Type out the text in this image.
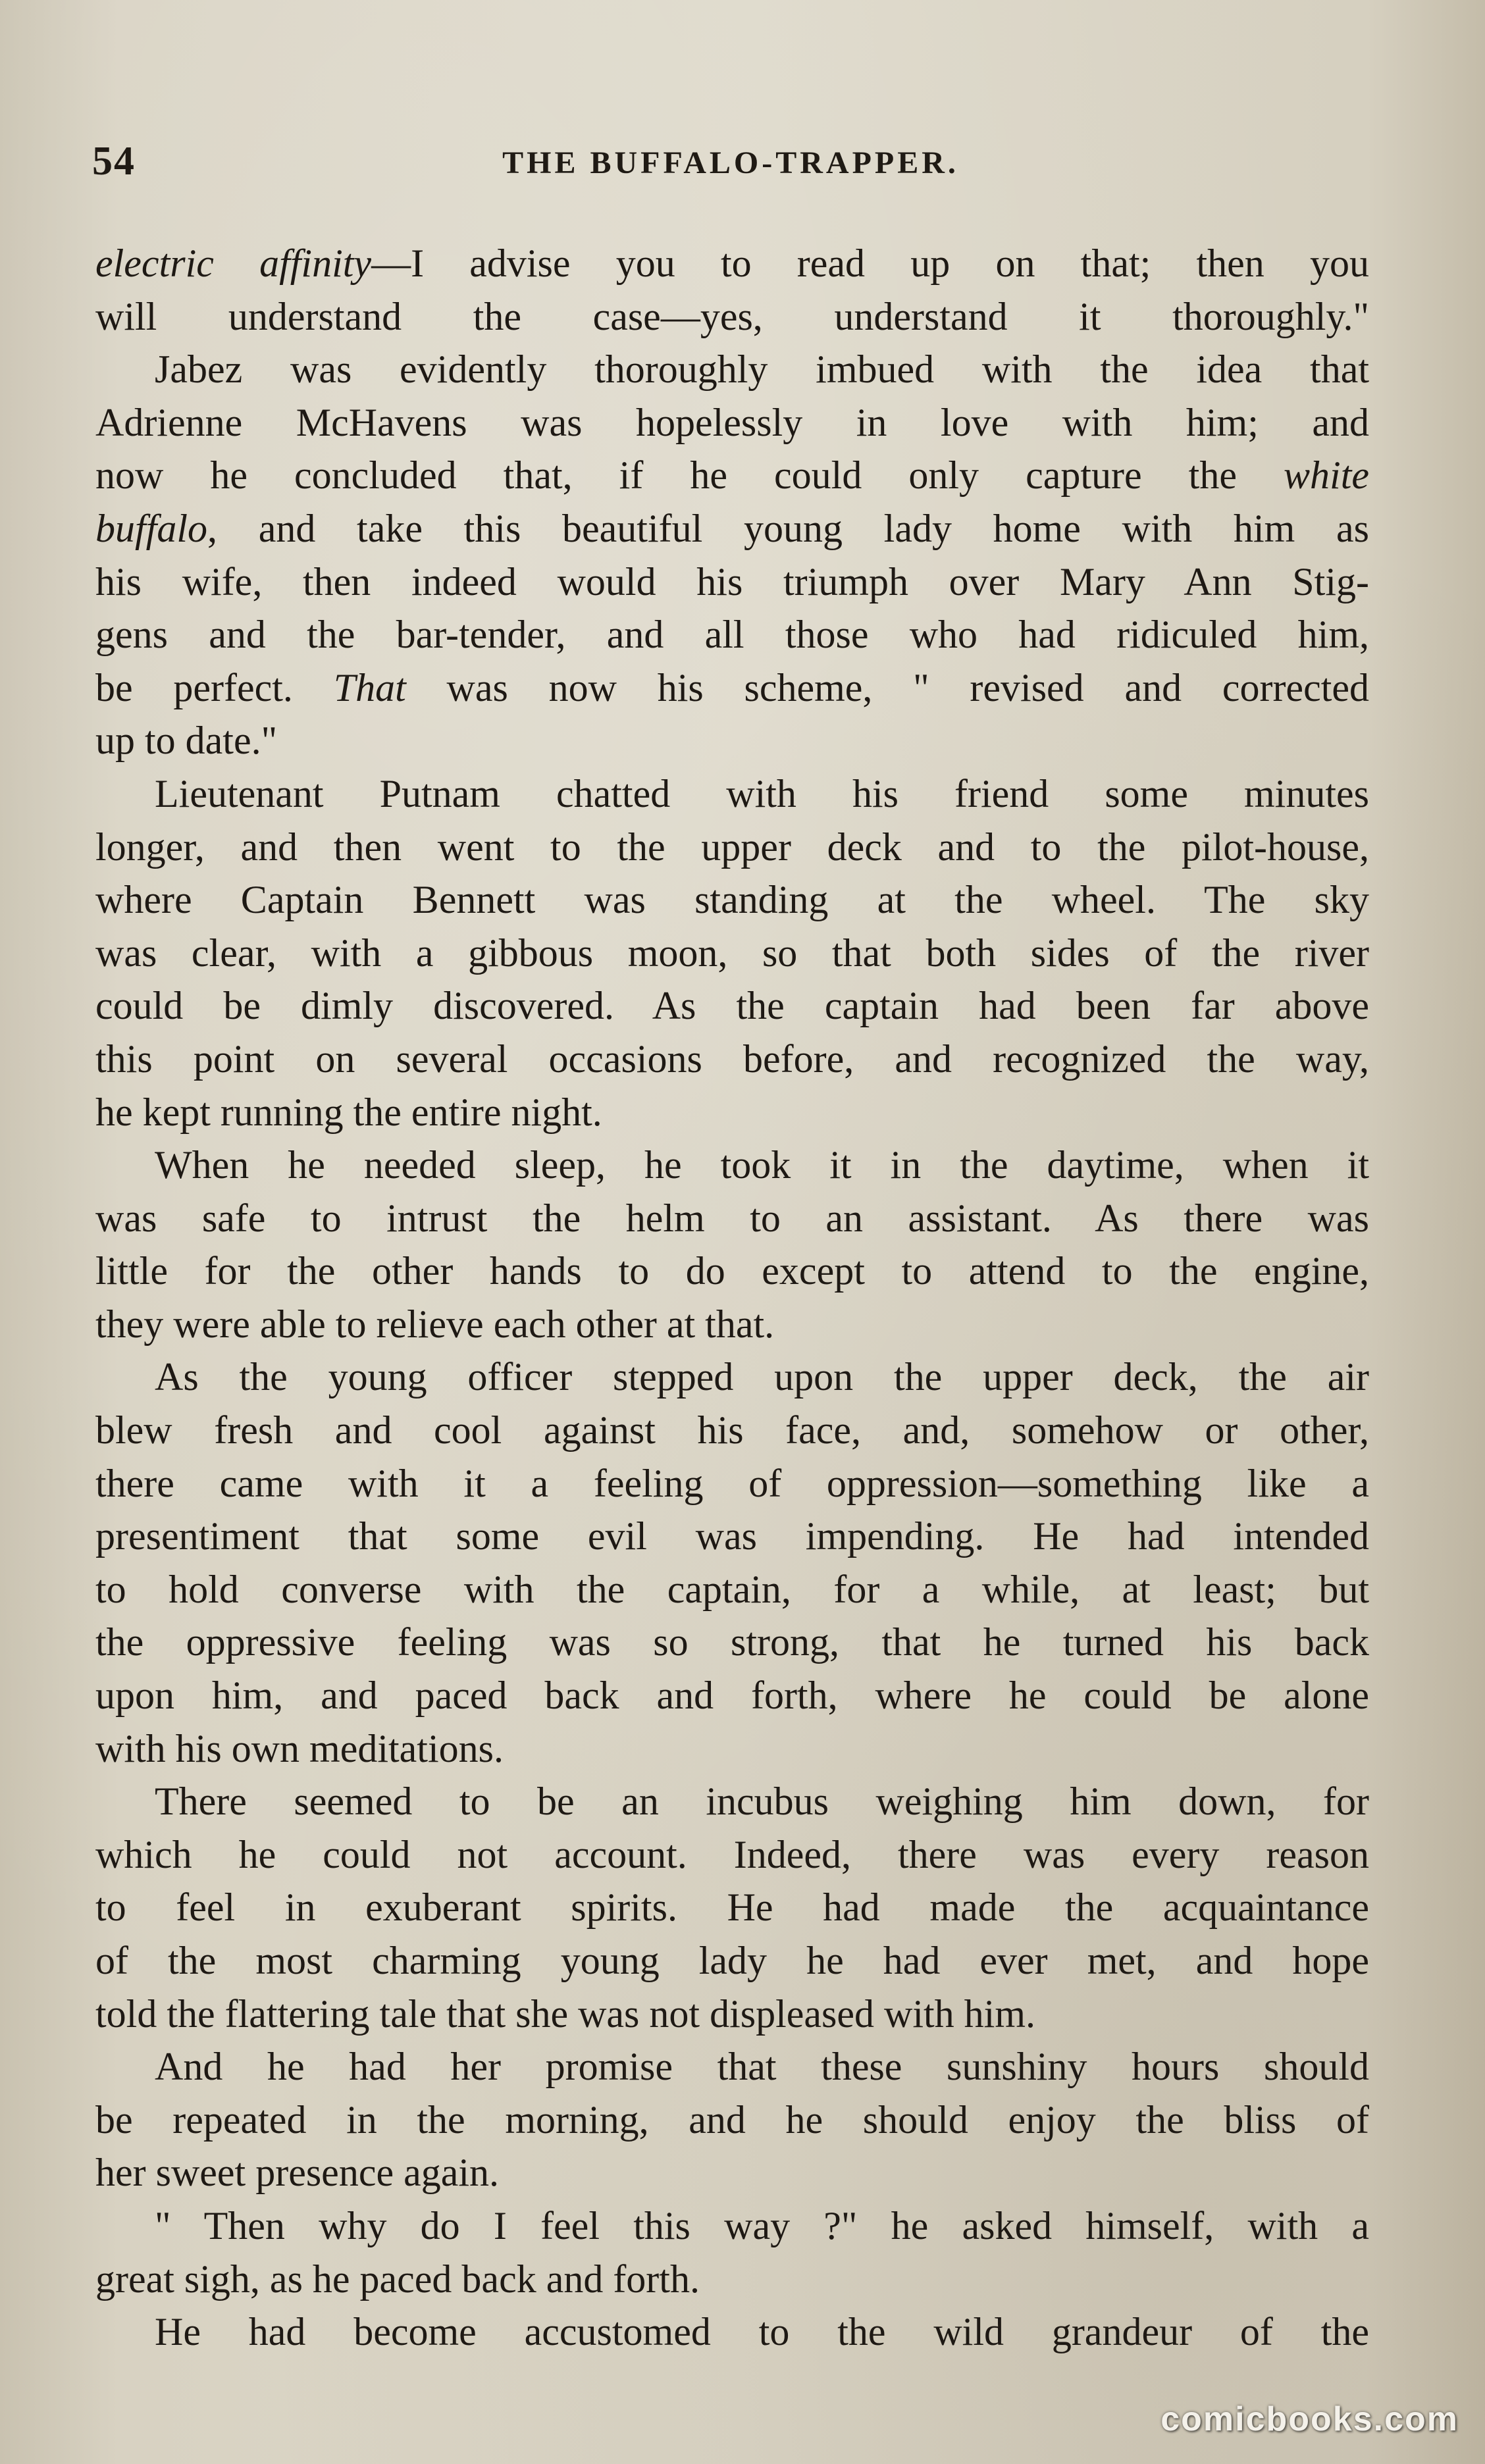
54	THE BUFFALO-TRAPPER.
electric affinity—I advise you to read up on that; then you
will understand the case—yes, understand it thoroughly."
Jabez was evidently thoroughly imbued with the idea that
Adrienne McHavens was hopelessly in love with him; and
now he concluded that, if he could only capture the white
buffalo, and take this beautiful young lady home with him as
his wife, then indeed would his triumph over Mary Ann Stig-
gens and the bar-tender, and all those who had ridiculed him,
be perfect. That was now his scheme, " revised and corrected
up to date."
Lieutenant Putnam chatted with his friend some minutes
longer, and then went to the upper deck and to the pilot-house,
where Captain Bennett was standing at the wheel. The sky
was clear, with a gibbous moon, so that both sides of the river
could be dimly discovered. As the captain had been far above
this point on several occasions before, and recognized the way,
he kept running the entire night.
When he needed sleep, he took it in the daytime, when it
was safe to intrust the helm to an assistant. As there was
little for the other hands to do except to attend to the engine,
they were able to relieve each other at that.
As the young officer stepped upon the upper deck, the air
blew fresh and cool against his face, and, somehow or other,
there came with it a feeling of oppression—something like a
presentiment that some evil was impending. He had intended
to hold converse with the captain, for a while, at least; but
the oppressive feeling was so strong, that he turned his back
upon him, and paced back and forth, where he could be alone
with his own meditations.
There seemed to be an incubus weighing him down, for
which he could not account. Indeed, there was every reason
to feel in exuberant spirits. He had made the acquaintance
of the most charming young lady he had ever met, and hope
told the flattering tale that she was not displeased with him.
And he had her promise that these sunshiny hours should
be repeated in the morning, and he should enjoy the bliss of
her sweet presence again.
" Then why do I feel this way ?" he asked himself, with a
great sigh, as he paced back and forth.
He had become accustomed to the wild grandeur of the
comicbooks.com
